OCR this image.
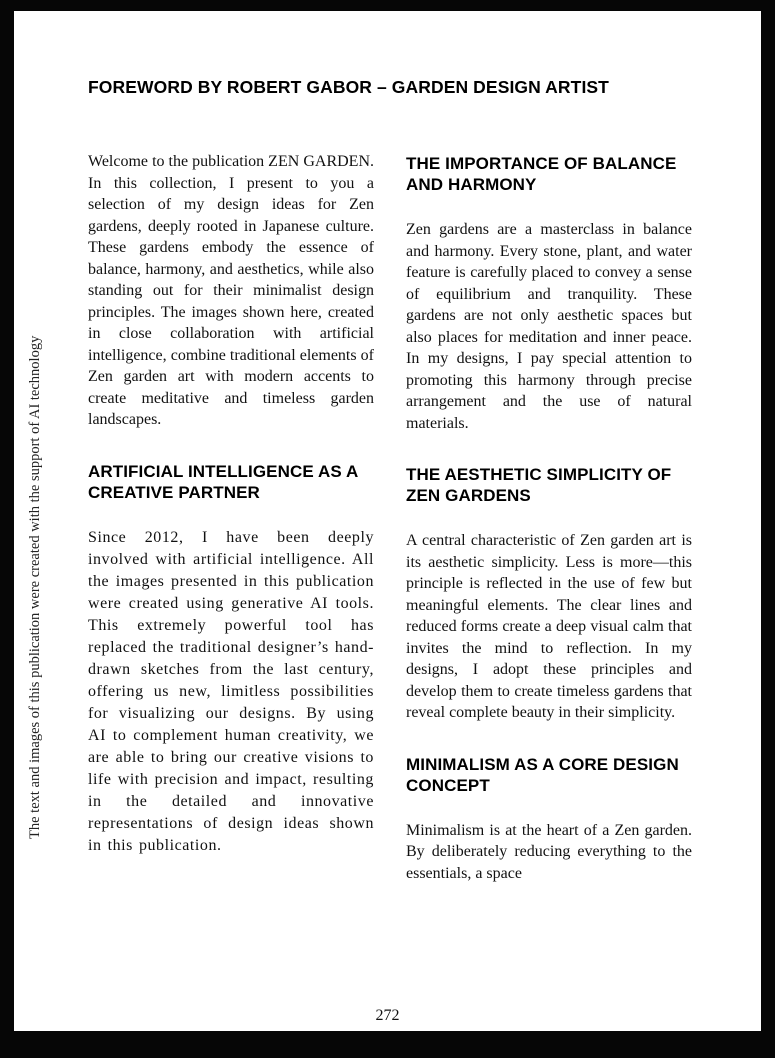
FOREWORD BY ROBERT GABOR – GARDEN DESIGN ARTIST
The text and images of this publication were created with the support of AI technology

Welcome to the publication ZEN GARDEN. In this collection, I present to you a selection of my design ideas for Zen gardens, deeply rooted in Japanese culture. These gardens embody the essence of balance, harmony, and aesthetics, while also standing out for their minimalist design principles. The images shown here, created in close collaboration with artificial intelligence, combine traditional elements of Zen garden art with modern accents to create meditative and timeless garden landscapes.

ARTIFICIAL INTELLIGENCE AS A CREATIVE PARTNER

Since 2012, I have been deeply involved with artificial intelligence. All the images presented in this publication were created using generative AI tools. This extremely powerful tool has replaced the traditional designer’s hand-drawn sketches from the last century, offering us new, limitless possibilities for visualizing our designs. By using AI to complement human creativity, we are able to bring our creative visions to life with precision and impact, resulting in the detailed and innovative representations of design ideas shown in this publication.

THE IMPORTANCE OF BALANCE AND HARMONY

Zen gardens are a masterclass in balance and harmony. Every stone, plant, and water feature is carefully placed to convey a sense of equilibrium and tranquility. These gardens are not only aesthetic spaces but also places for meditation and inner peace. In my designs, I pay special attention to promoting this harmony through precise arrangement and the use of natural materials.

THE AESTHETIC SIMPLICITY OF ZEN GARDENS

A central characteristic of Zen garden art is its aesthetic simplicity. Less is more—this principle is reflected in the use of few but meaningful elements. The clear lines and reduced forms create a deep visual calm that invites the mind to reflection. In my designs, I adopt these principles and develop them to create timeless gardens that reveal complete beauty in their simplicity.

MINIMALISM AS A CORE DESIGN CONCEPT

Minimalism is at the heart of a Zen garden. By deliberately reducing everything to the essentials, a space

272
